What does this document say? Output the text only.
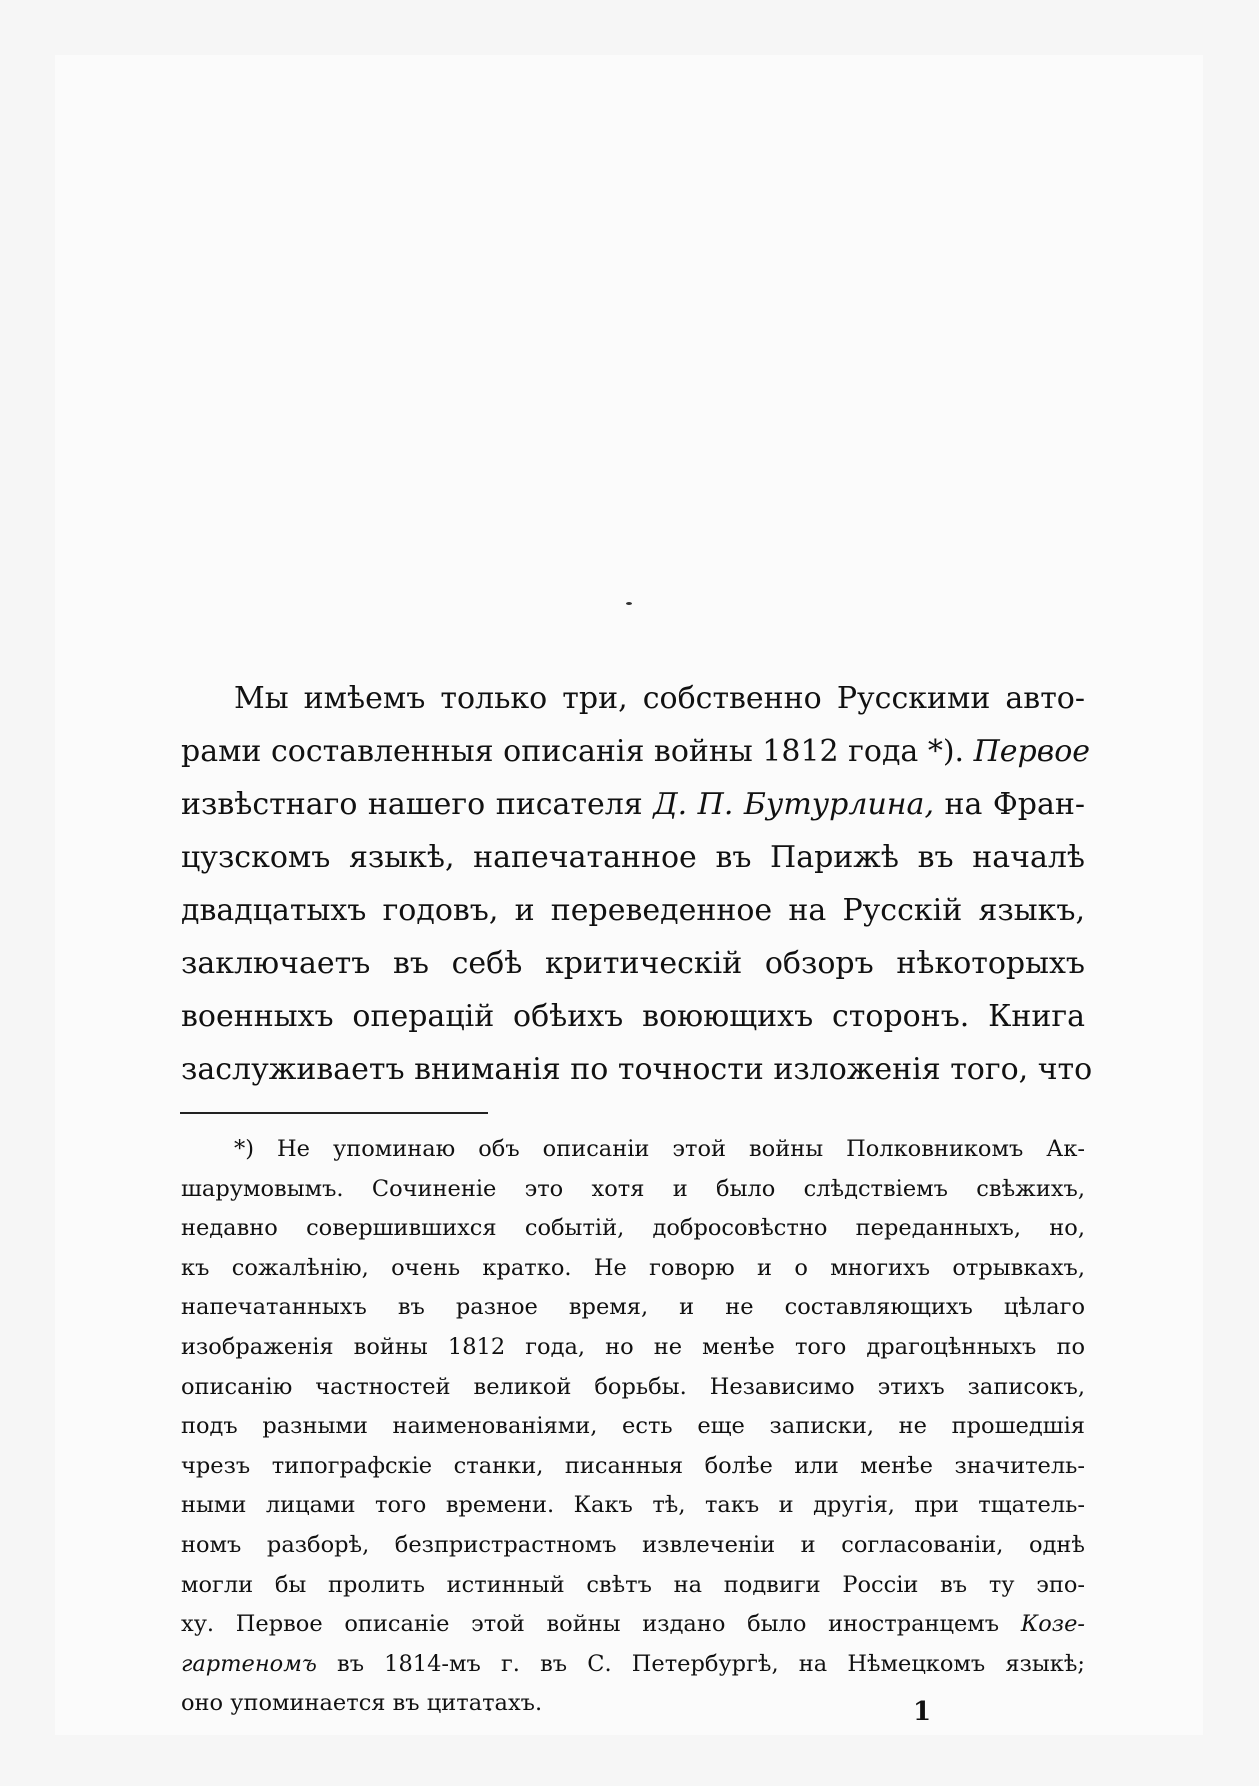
Мы имѣемъ только три, собственно Русскими авто-
рами составленныя описанія войны 1812 года *). Первое
извѣстнаго нашего писателя Д. П. Бутурлина, на Фран-
цузскомъ языкѣ, напечатанное въ Парижѣ въ началѣ
двадцатыхъ годовъ, и переведенное на Русскій языкъ,
заключаетъ въ себѣ критическій обзоръ нѣкоторыхъ
военныхъ операцій обѣихъ воюющихъ сторонъ. Книга
заслуживаетъ вниманія по точности изложенія того, что
*) Не упоминаю объ описаніи этой войны Полковникомъ Ак-
шарумовымъ. Сочиненіе это хотя и было слѣдствіемъ свѣжихъ,
недавно совершившихся событій, добросовѣстно переданныхъ, но,
къ сожалѣнію, очень кратко. Не говорю и о многихъ отрывкахъ,
напечатанныхъ въ разное время, и не составляющихъ цѣлаго
изображенія войны 1812 года, но не менѣе того драгоцѣнныхъ по
описанію частностей великой борьбы. Независимо этихъ записокъ,
подъ разными наименованіями, есть еще записки, не прошедшія
чрезъ типографскіе станки, писанныя болѣе или менѣе значитель-
ными лицами того времени. Какъ тѣ, такъ и другія, при тщатель-
номъ разборѣ, безпристрастномъ извлеченіи и согласованіи, однѣ
могли бы пролить истинный свѣтъ на подвиги Россіи въ ту эпо-
ху. Первое описаніе этой войны издано было иностранцемъ Козе-
гартеномъ въ 1814-мъ г. въ С. Петербургѣ, на Нѣмецкомъ языкѣ;
оно упоминается въ цитатахъ.	1
